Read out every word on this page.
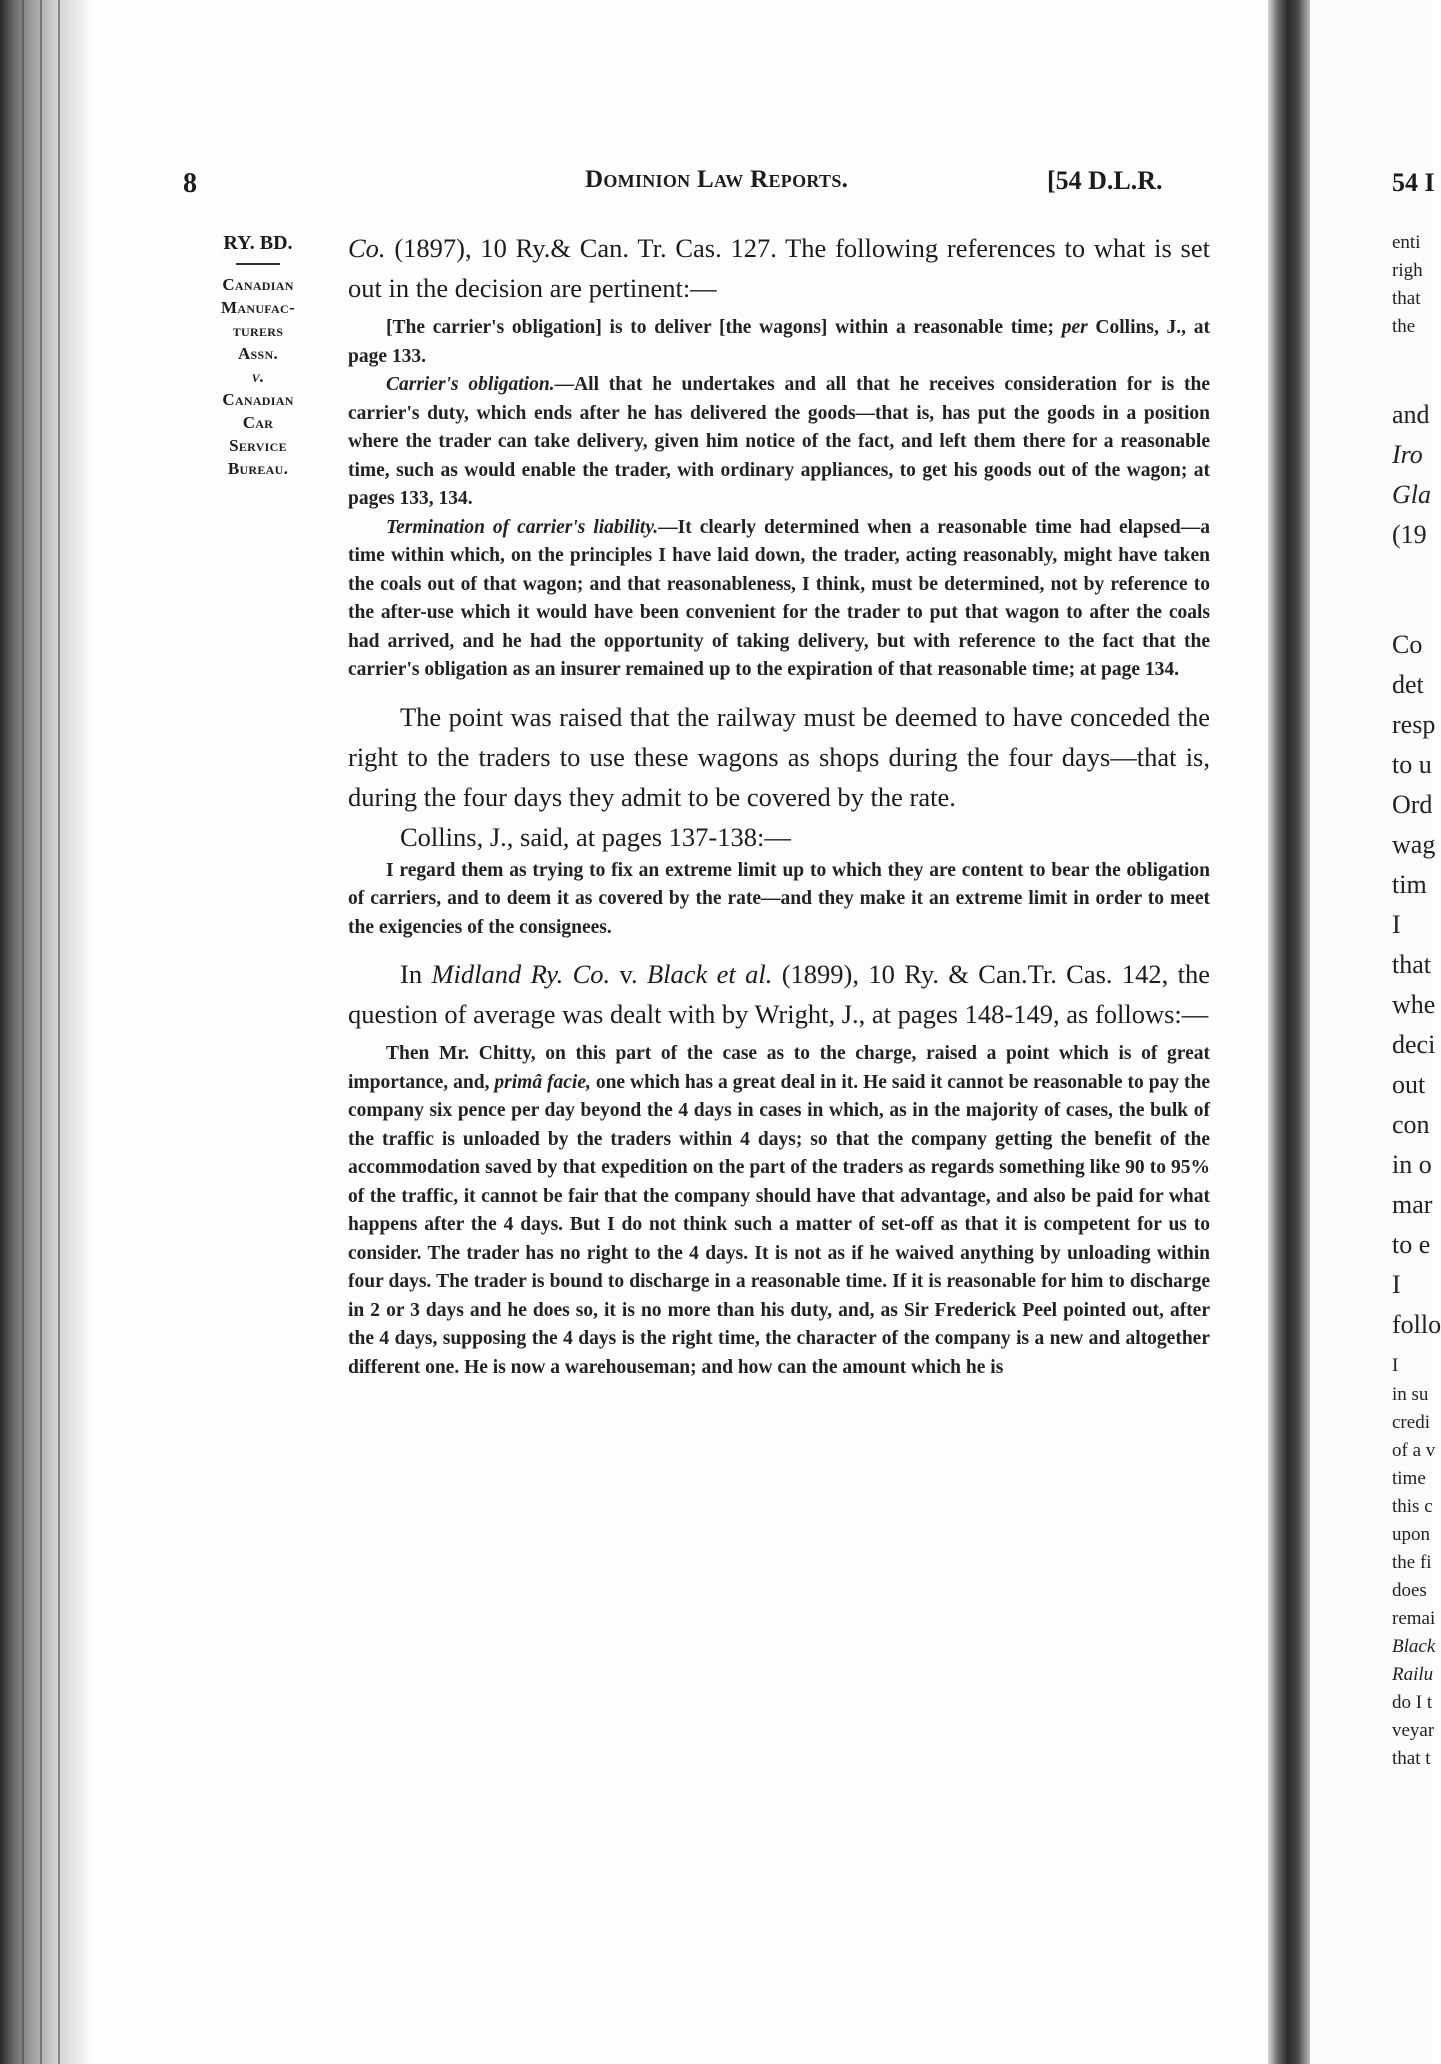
8	Dominion Law Reports.	[54 D.L.R.
RY. BD.
Canadian
Manufac-
turers
Assn.
v.
Canadian
Car
Service
Bureau.

Co. (1897), 10 Ry.& Can. Tr. Cas. 127. The following references to what is set out in the decision are pertinent:—

[The carrier's obligation] is to deliver [the wagons] within a reasonable time; per Collins, J., at page 133.

Carrier's obligation.—All that he undertakes and all that he receives consideration for is the carrier's duty, which ends after he has delivered the goods—that is, has put the goods in a position where the trader can take delivery, given him notice of the fact, and left them there for a reasonable time, such as would enable the trader, with ordinary appliances, to get his goods out of the wagon; at pages 133, 134.

Termination of carrier's liability.—It clearly determined when a reasonable time had elapsed—a time within which, on the principles I have laid down, the trader, acting reasonably, might have taken the coals out of that wagon; and that reasonableness, I think, must be determined, not by reference to the after-use which it would have been convenient for the trader to put that wagon to after the coals had arrived, and he had the opportunity of taking delivery, but with reference to the fact that the carrier's obligation as an insurer remained up to the expiration of that reasonable time; at page 134.

The point was raised that the railway must be deemed to have conceded the right to the traders to use these wagons as shops during the four days—that is, during the four days they admit to be covered by the rate.

Collins, J., said, at pages 137-138:—

I regard them as trying to fix an extreme limit up to which they are content to bear the obligation of carriers, and to deem it as covered by the rate—and they make it an extreme limit in order to meet the exigencies of the consignees.

In Midland Ry. Co. v. Black et al. (1899), 10 Ry. & Can.Tr. Cas. 142, the question of average was dealt with by Wright, J., at pages 148-149, as follows:—

Then Mr. Chitty, on this part of the case as to the charge, raised a point which is of great importance, and, primâ facie, one which has a great deal in it. He said it cannot be reasonable to pay the company six pence per day beyond the 4 days in cases in which, as in the majority of cases, the bulk of the traffic is unloaded by the traders within 4 days; so that the company getting the benefit of the accommodation saved by that expedition on the part of the traders as regards something like 90 to 95% of the traffic, it cannot be fair that the company should have that advantage, and also be paid for what happens after the 4 days. But I do not think such a matter of set-off as that it is competent for us to consider. The trader has no right to the 4 days. It is not as if he waived anything by unloading within four days. The trader is bound to discharge in a reasonable time. If it is reasonable for him to discharge in 2 or 3 days and he does so, it is no more than his duty, and, as Sir Frederick Peel pointed out, after the 4 days, supposing the 4 days is the right time, the character of the company is a new and altogether different one. He is now a warehouseman; and how can the amount which he is

54 I
enti
righ
that
the
and
Iro
Gla
(19
Co
det
resp
to u
Ord
wag
tim
I
that
whe
deci
out
con
in o
mar
to e
I
follo
I
in su
credi
of a v
time
this c
upon
the fi
does
remai
Black
Railu
do I t
veyar
that t
